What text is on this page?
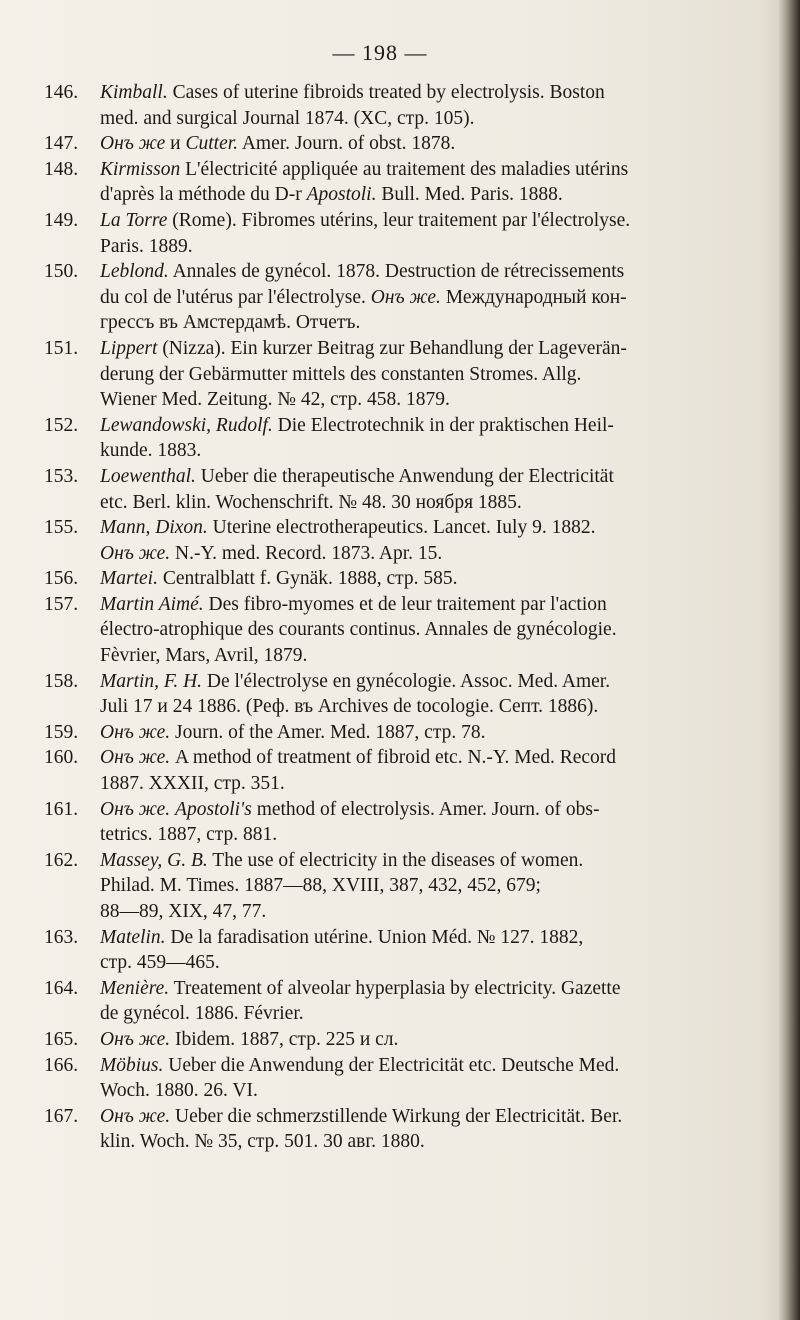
— 198 —
146.	Kimball. Cases of uterine fibroids treated by electrolysis. Boston
med. and surgical Journal 1874. (XC, стр. 105).
147.	Онъ же и Cutter. Amer. Journ. of obst. 1878.
148.	Kirmisson L'électricité appliquée au traitement des maladies utérins
d'après la méthode du D-r Apostoli. Bull. Med. Paris. 1888.
149.	La Torre (Rome). Fibromes utérins, leur traitement par l'électrolyse.
Paris. 1889.
150.	Leblond. Annales de gynécol. 1878. Destruction de rétrecissements
du col de l'utérus par l'électrolyse. Онъ же. Международный кон-
грессъ въ Амстердамѣ. Отчетъ.
151.	Lippert (Nizza). Ein kurzer Beitrag zur Behandlung der Lageverän-
derung der Gebärmutter mittels des constanten Stromes. Allg.
Wiener Med. Zeitung. № 42, стр. 458. 1879.
152.	Lewandowski, Rudolf. Die Electrotechnik in der praktischen Heil-
kunde. 1883.
153.	Loewenthal. Ueber die therapeutische Anwendung der Electricität
etc. Berl. klin. Wochenschrift. № 48. 30 ноября 1885.
155.	Mann, Dixon. Uterine electrotherapeutics. Lancet. Iuly 9. 1882.
Онъ же. N.-Y. med. Record. 1873. Apr. 15.
156.	Martei. Centralblatt f. Gynäk. 1888, стр. 585.
157.	Martin Aimé. Des fibro-myomes et de leur traitement par l'action
électro-atrophique des courants continus. Annales de gynécologie.
Fèvrier, Mars, Avril, 1879.
158.	Martin, F. H. De l'électrolyse en gynécologie. Assoc. Med. Amer.
Juli 17 и 24 1886. (Реф. въ Archives de tocologie. Септ. 1886).
159.	Онъ же. Journ. of the Amer. Med. 1887, стр. 78.
160.	Онъ же. A method of treatment of fibroid etc. N.-Y. Med. Record
1887. XXXII, стр. 351.
161.	Онъ же. Apostoli's method of electrolysis. Amer. Journ. of obs-
tetrics. 1887, стр. 881.
162.	Massey, G. B. The use of electricity in the diseases of women.
Philad. M. Times. 1887—88, XVIII, 387, 432, 452, 679;
88—89, XIX, 47, 77.
163.	Matelin. De la faradisation utérine. Union Méd. № 127. 1882,
стр. 459—465.
164.	Menière. Treatement of alveolar hyperplasia by electricity. Gazette
de gynécol. 1886. Février.
165.	Онъ же. Ibidem. 1887, стр. 225 и сл.
166.	Möbius. Ueber die Anwendung der Electricität etc. Deutsche Med.
Woch. 1880. 26. VI.
167.	Онъ же. Ueber die schmerzstillende Wirkung der Electricität. Ber.
klin. Woch. № 35, стр. 501. 30 авг. 1880.
